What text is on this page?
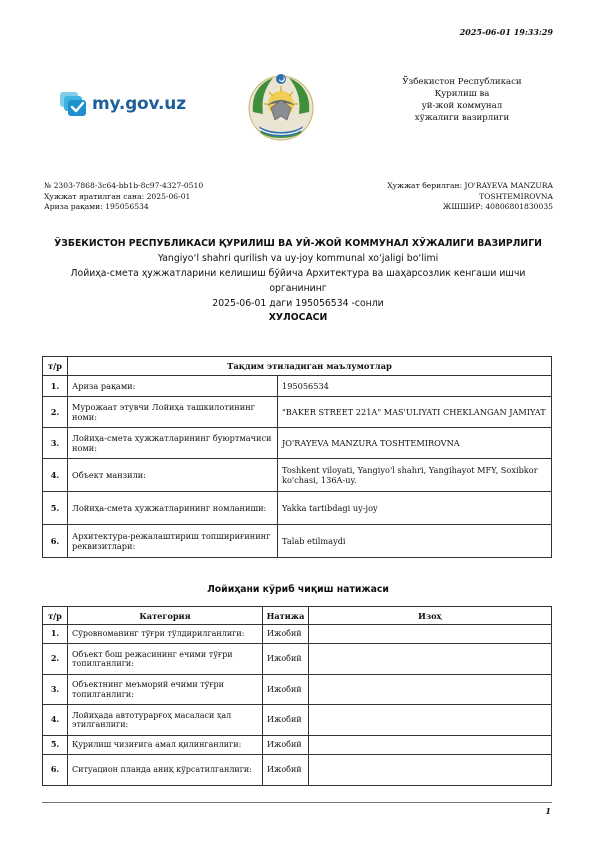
2025-06-01 19:33:29
my.gov.uz
Ўзбекистон Республикаси
Қурилиш ва
уй-жой коммунал
хўжалиги вазирлиги
№ 2303-7868-3c64-bb1b-8c97-4327-0510
Ҳужжат яратилган сана: 2025-06-01
Ариза рақами: 195056534
Ҳужжат берилган: JO'RAYEVA MANZURA
TOSHTEMIROVNA
ЖШШИР: 40806801830035
ЎЗБЕКИСТОН РЕСПУБЛИКАСИ ҚУРИЛИШ ВА УЙ-ЖОЙ КОММУНАЛ ХЎЖАЛИГИ ВАЗИРЛИГИ
Yangiyo‘l shahri qurilish va uy-joy kommunal xo‘jaligi bo‘limi
Лойиҳа-смета ҳужжатларини келишиш бўйича Архитектура ва шаҳарсозлик кенгаши ишчи органининг
2025-06-01 даги 195056534 -сонли
ХУЛОСАСИ
т/р	Тақдим этиладиган маълумотлар	
1.	Ариза рақами:	195056534
2.	Мурожаат этувчи Лойиҳа ташкилотининг номи:	"BAKER STREET 221A" MAS'ULIYATI CHEKLANGAN JAMIYAT
3.	Лойиҳа-смета ҳужжатларининг буюртмачиси номи:	JO'RAYEVA MANZURA TOSHTEMIROVNA
4.	Объект манзили:	Toshkent viloyati, Yangiyo'l shahri, Yangihayot MFY, Soxibkor ko'chasi, 136A-uy.
5.	Лойиҳа-смета ҳужжатларининг номланиши:	Yakka tartibdagi uy-joy
6.	Архитектура-режалаштириш топшириғининг реквизитлари:	Talab etilmaydi
Лойиҳани кўриб чиқиш натижаси
т/р	Категория	Натижа	Изоҳ
1.	Сўровноманинг тўғри тўлдирилганлиги:	Ижобий	
2.	Объект бош режасининг ечими тўғри топилганлиги:	Ижобий	
3.	Объектнинг меъморий ечими тўғри топилганлиги:	Ижобий	
4.	Лойиҳада автотурарғоҳ масаласи ҳал этилганлиги:	Ижобий	
5.	Қурилиш чизиғига амал қилинганлиги:	Ижобий	
6.	Ситуацион планда аниқ кўрсатилганлиги:	Ижобий	
1
